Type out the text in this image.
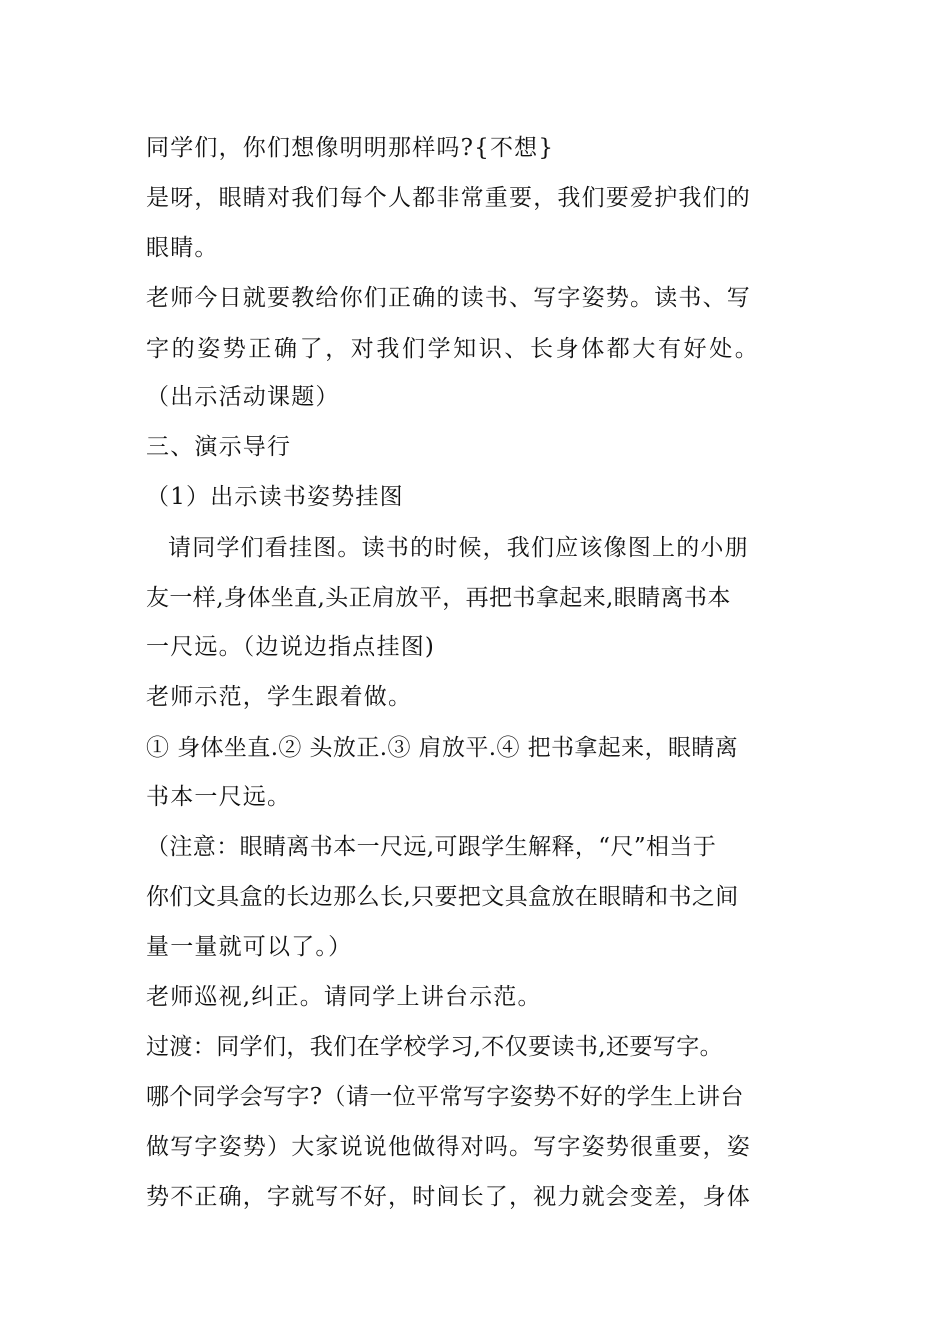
同学们，你们想像明明那样吗?{不想}
是呀，眼睛对我们每个人都非常重要，我们要爱护我们的
眼睛。
老师今日就要教给你们正确的读书、写字姿势。读书、写
字的姿势正确了，对我们学知识、长身体都大有好处。
（出示活动课题）
三、演示导行
（1）出示读书姿势挂图
请同学们看挂图。读书的时候，我们应该像图上的小朋
友一样,身体坐直,头正肩放平，再把书拿起来,眼睛离书本
一尺远。（边说边指点挂图)
老师示范，学生跟着做。
① 身体坐直.② 头放正.③ 肩放平.④ 把书拿起来，眼睛离
书本一尺远。
（注意：眼睛离书本一尺远,可跟学生解释，“尺”相当于
你们文具盒的长边那么长,只要把文具盒放在眼睛和书之间
量一量就可以了。）
老师巡视,纠正。请同学上讲台示范。
过渡：同学们，我们在学校学习,不仅要读书,还要写字。
哪个同学会写字?（请一位平常写字姿势不好的学生上讲台
做写字姿势）大家说说他做得对吗。写字姿势很重要，姿
势不正确，字就写不好，时间长了，视力就会变差，身体
